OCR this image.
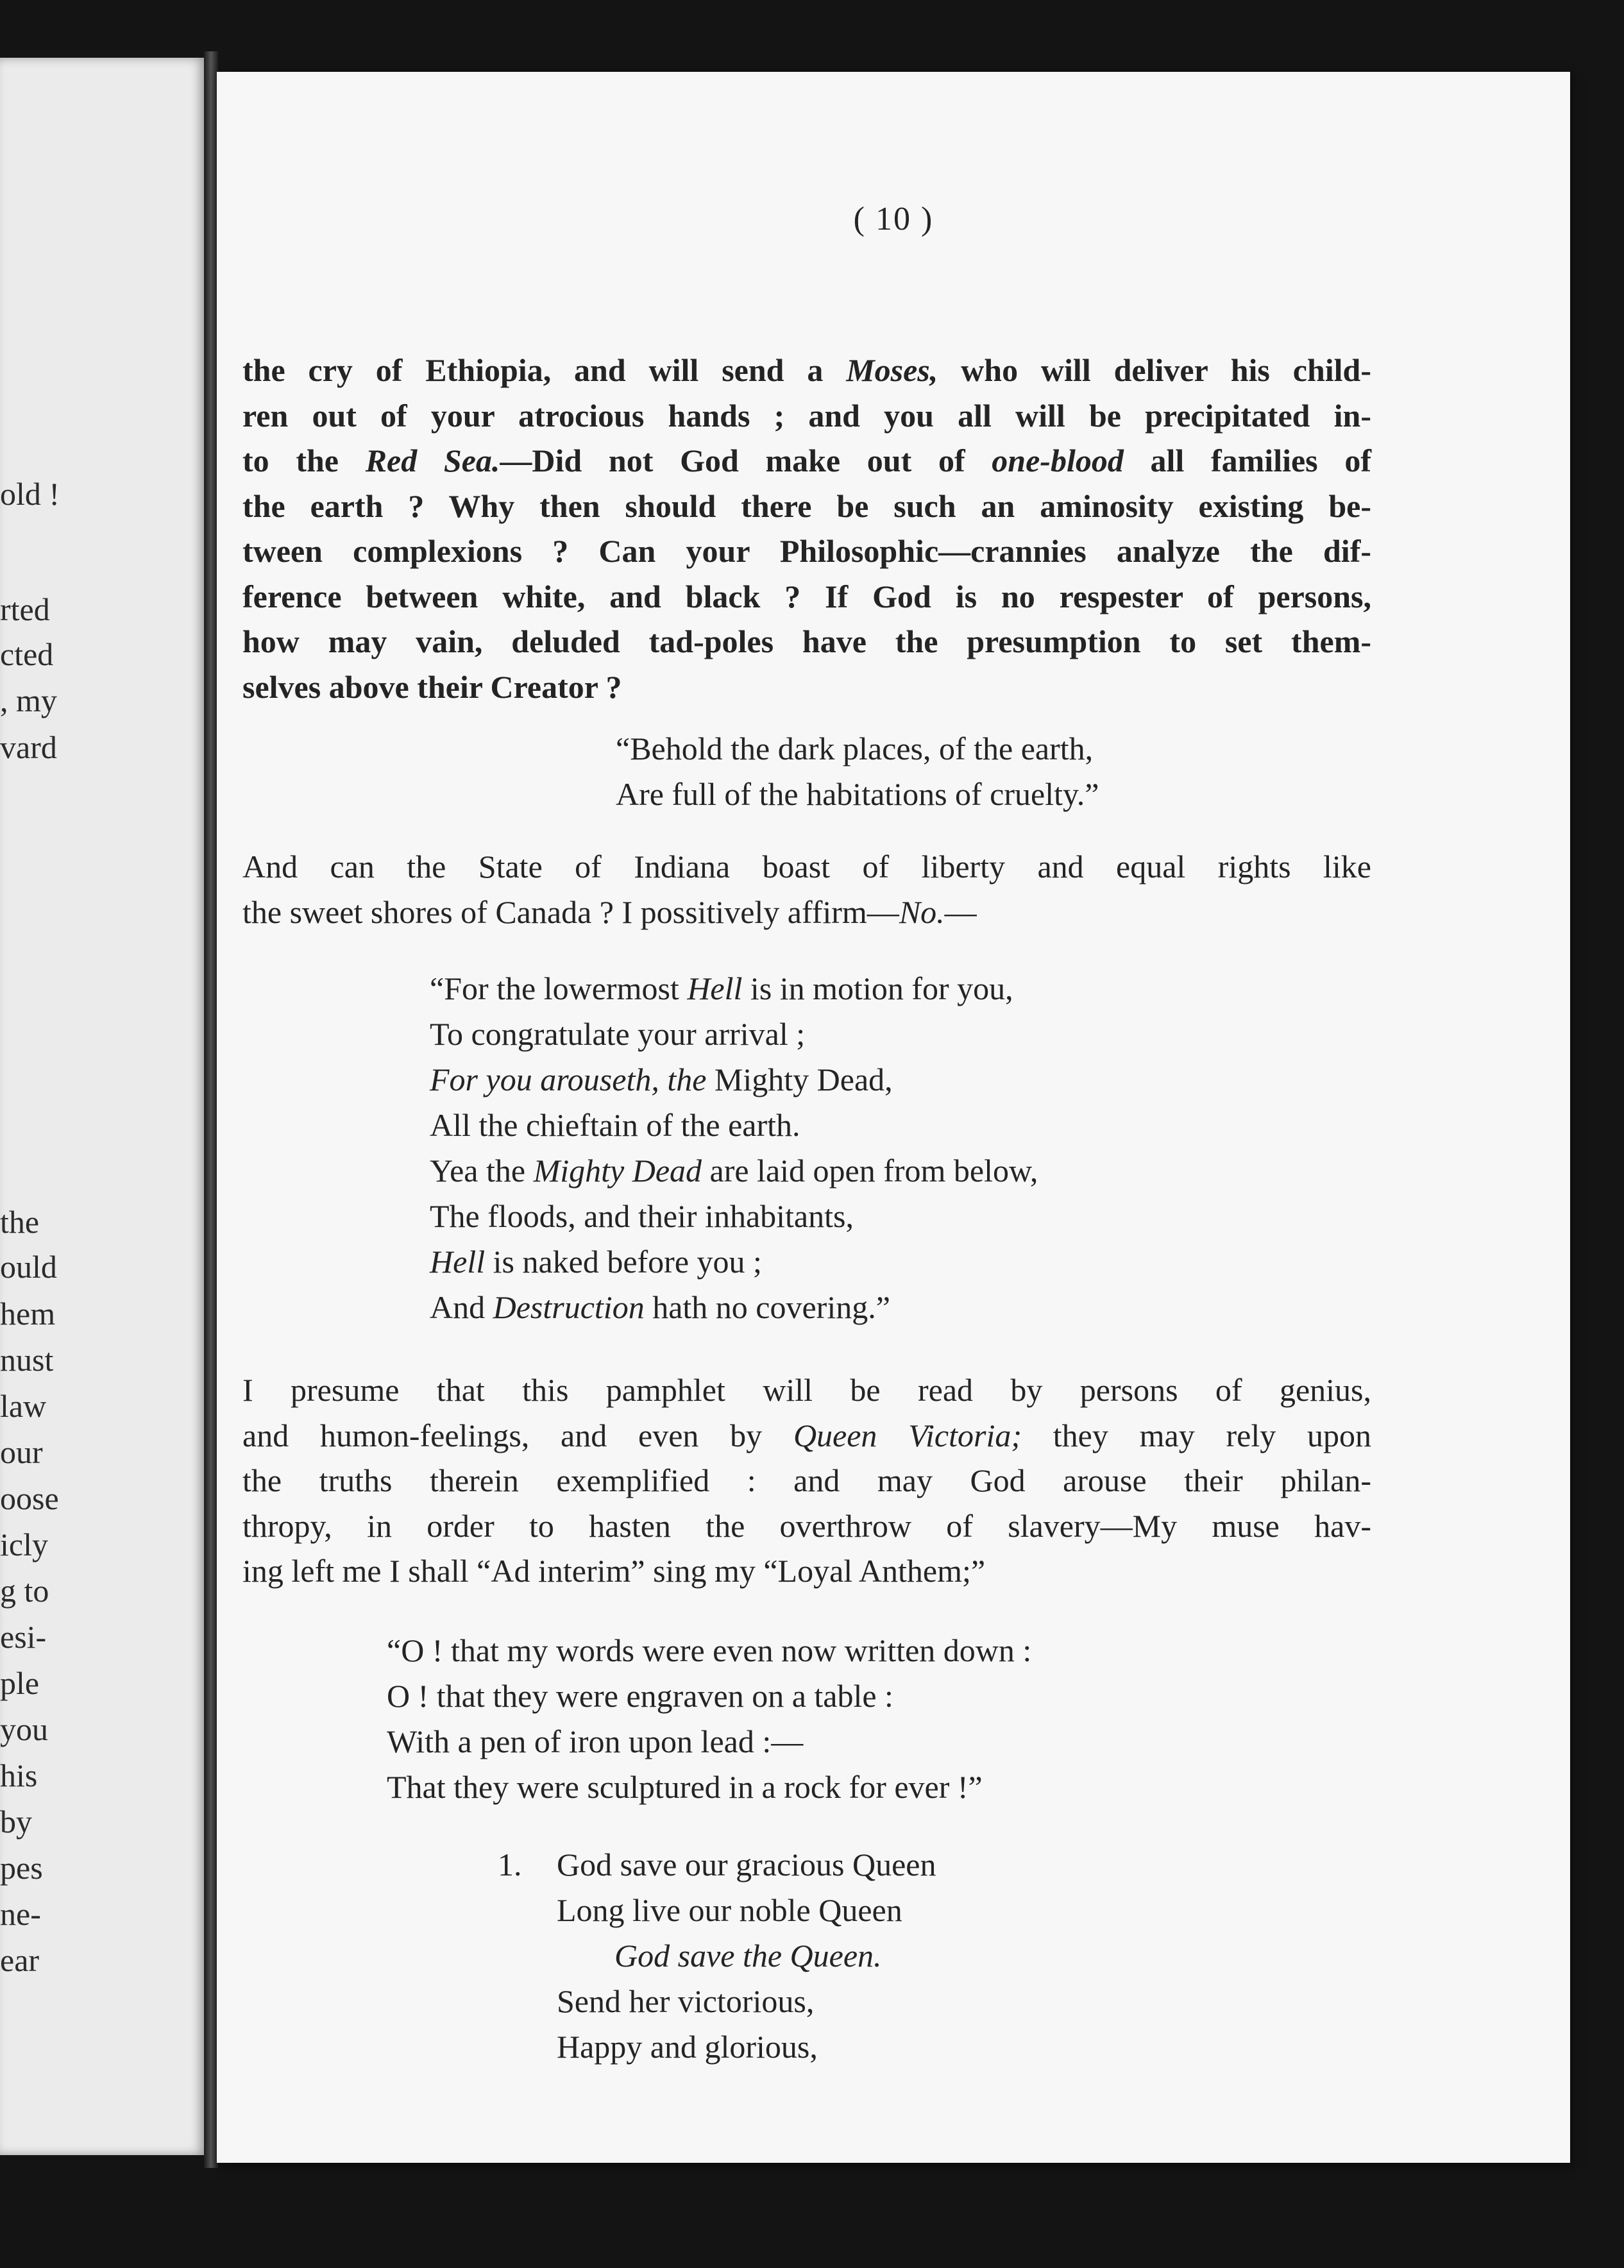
old !
rted
cted
, my
vard
the
ould
hem
nust
law
our
oose
icly
g to
esi-
ple
you
his
by
pes
ne-
ear
( 10 )
the cry of Ethiopia, and will send a Moses, who will deliver his child-
ren out of your atrocious hands ; and you all will be precipitated in-
to the Red Sea.—Did not God make out of one-blood all families of
the earth ? Why then should there be such an aminosity existing be-
tween complexions ? Can your Philosophic—crannies analyze the dif-
ference between white, and black ? If God is no respester of persons,
how may vain, deluded tad-poles have the presumption to set them-
selves above their Creator ?
“Behold the dark places, of the earth,
Are full of the habitations of cruelty.”
And can the State of Indiana boast of liberty and equal rights like
the sweet shores of Canada ? I possitively affirm—No.—
“For the lowermost Hell is in motion for you,
To congratulate your arrival ;
For you arouseth, the Mighty Dead,
All the chieftain of the earth.
Yea the Mighty Dead are laid open from below,
The floods, and their inhabitants,
Hell is naked before you ;
And Destruction hath no covering.”
I presume that this pamphlet will be read by persons of genius,
and humon-feelings, and even by Queen Victoria; they may rely upon
the truths therein exemplified : and may God arouse their philan-
thropy, in order to hasten the overthrow of slavery—My muse hav-
ing left me I shall “Ad interim” sing my “Loyal Anthem;”
“O ! that my words were even now written down :
O ! that they were engraven on a table :
With a pen of iron upon lead :—
That they were sculptured in a rock for ever !”
1. God save our gracious Queen
Long live our noble Queen
God save the Queen.
Send her victorious,
Happy and glorious,
